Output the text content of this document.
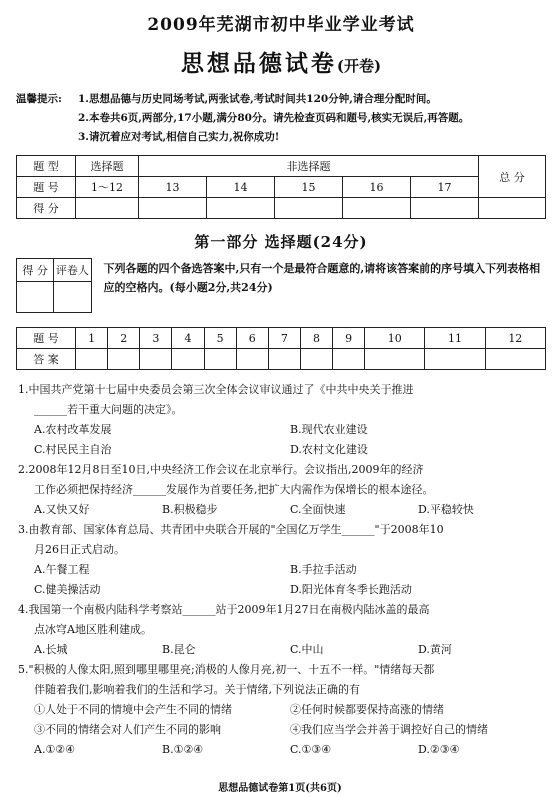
2009年芜湖市初中毕业学业考试
思想品德试卷(开卷)
温馨提示:	1.思想品德与历史同场考试,两张试卷,考试时间共120分钟,请合理分配时间。
2.本卷共6页,两部分,17小题,满分80分。请先检查页码和题号,核实无误后,再答题。
3.请沉着应对考试,相信自己实力,祝你成功!
题 型	选择题	非选择题					总 分
题 号	1～12	13	14	15	16	17	
得 分							
第一部分 选择题(24分)
得 分	评卷人
	下列各题的四个备选答案中,只有一个是最符合题意的,请将该答案前的序号填入下列表格相应的空格内。(每小题2分,共24分)
题 号	1	2	3	4	5	6	7	8	9	10	11	12
答 案												
1.中国共产党第十七届中央委员会第三次全体会议审议通过了《中共中央关于推进
______若干重大问题的决定》。
A.农村改革发展	B.现代农业建设
C.村民民主自治	D.农村文化建设
2.2008年12月8日至10日,中央经济工作会议在北京举行。会议指出,2009年的经济
工作必须把保持经济______发展作为首要任务,把扩大内需作为保增长的根本途径。
A.又快又好	B.积极稳步	C.全面快速	D.平稳较快
3.由教育部、国家体育总局、共青团中央联合开展的"全国亿万学生______"于2008年10
月26日正式启动。
A.午餐工程	B.手拉手活动
C.健美操活动	D.阳光体育冬季长跑活动
4.我国第一个南极内陆科学考察站______站于2009年1月27日在南极内陆冰盖的最高
点冰穹A地区胜利建成。
A.长城	B.昆仑	C.中山	D.黄河
5."积极的人像太阳,照到哪里哪里亮;消极的人像月亮,初一、十五不一样。"情绪每天都
伴随着我们,影响着我们的生活和学习。关于情绪,下列说法正确的有
①人处于不同的情境中会产生不同的情绪	②任何时候都要保持高涨的情绪
③不同的情绪会对人们产生不同的影响	④我们应当学会并善于调控好自己的情绪
A.①②④	B.①②④	C.①③④	D.②③④
思想品德试卷第1页(共6页)
